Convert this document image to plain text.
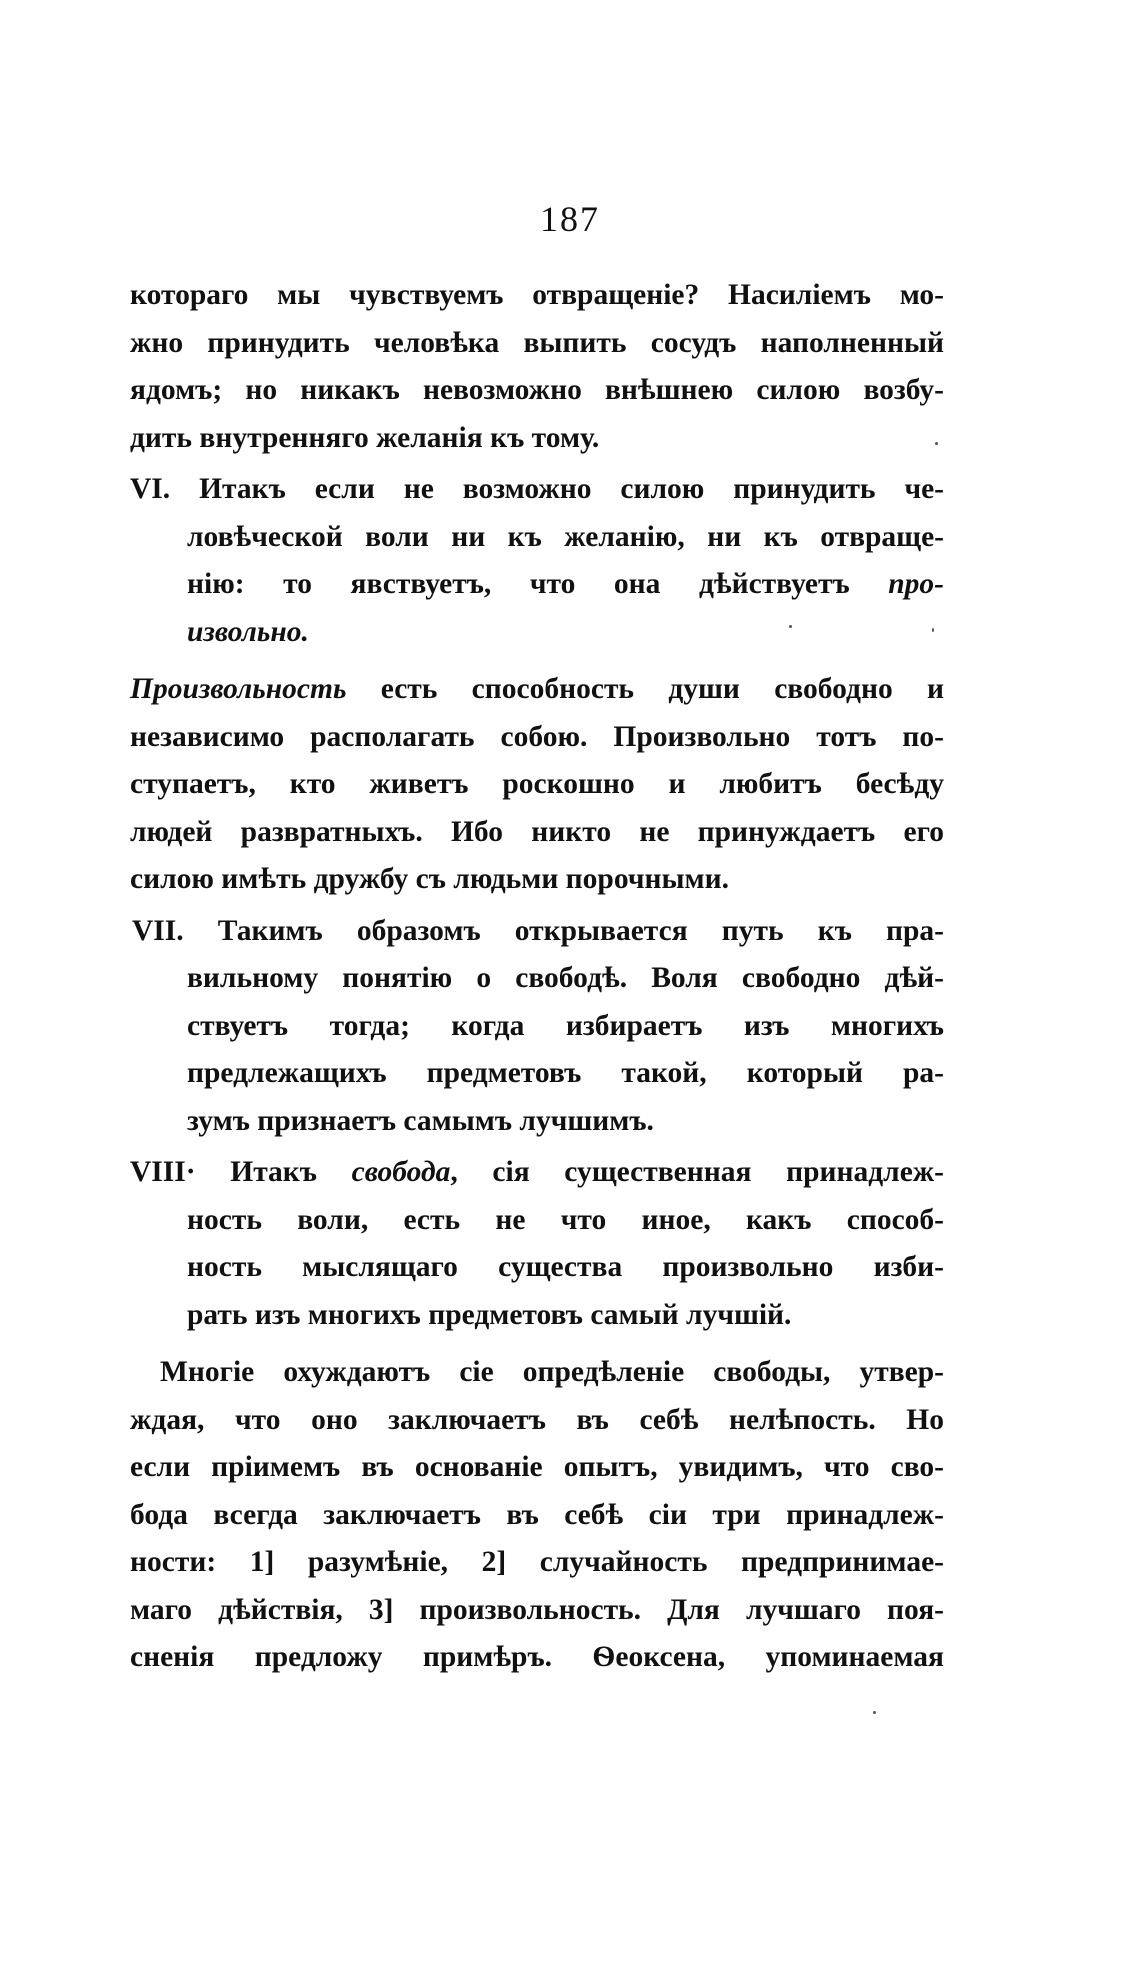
187
котораго мы чувствуемъ отвращеніе? Насиліемъ мо-
жно принудить человѣка выпить сосудъ наполненный
ядомъ; но никакъ невозможно внѣшнею силою возбу-
дить внутренняго желанія къ тому.
VI. Итакъ если не возможно силою принудить че-
ловѣческой воли ни къ желанію, ни къ отвраще-
нію: то явствуетъ, что она дѣйствуетъ про-
извольно.
Произвольность есть способность души свободно и
независимо располагать собою. Произвольно тотъ по-
ступаетъ, кто живетъ роскошно и любитъ бесѣду
людей развратныхъ. Ибо никто не принуждаетъ его
силою имѣть дружбу съ людьми порочными.
VII. Такимъ образомъ открывается путь къ пра-
вильному понятію о свободѣ. Воля свободно дѣй-
ствуетъ тогда; когда избираетъ изъ многихъ
предлежащихъ предметовъ такой, который ра-
зумъ признаетъ самымъ лучшимъ.
VIII· Итакъ свобода, сія существенная принадлеж-
ность воли, есть не что иное, какъ способ-
ность мыслящаго существа произвольно изби-
рать изъ многихъ предметовъ самый лучшій.
Многіе охуждаютъ сіе опредѣленіе свободы, утвер-
ждая, что оно заключаетъ въ себѣ нелѣпость. Но
если пріимемъ въ основаніе опытъ, увидимъ, что сво-
бода всегда заключаетъ въ себѣ сіи три принадлеж-
ности: 1] разумѣніе, 2] случайность предпринимае-
маго дѣйствія, 3] произвольность. Для лучшаго поя-
сненія предложу примѣръ. Ѳеоксена, упоминаемая
